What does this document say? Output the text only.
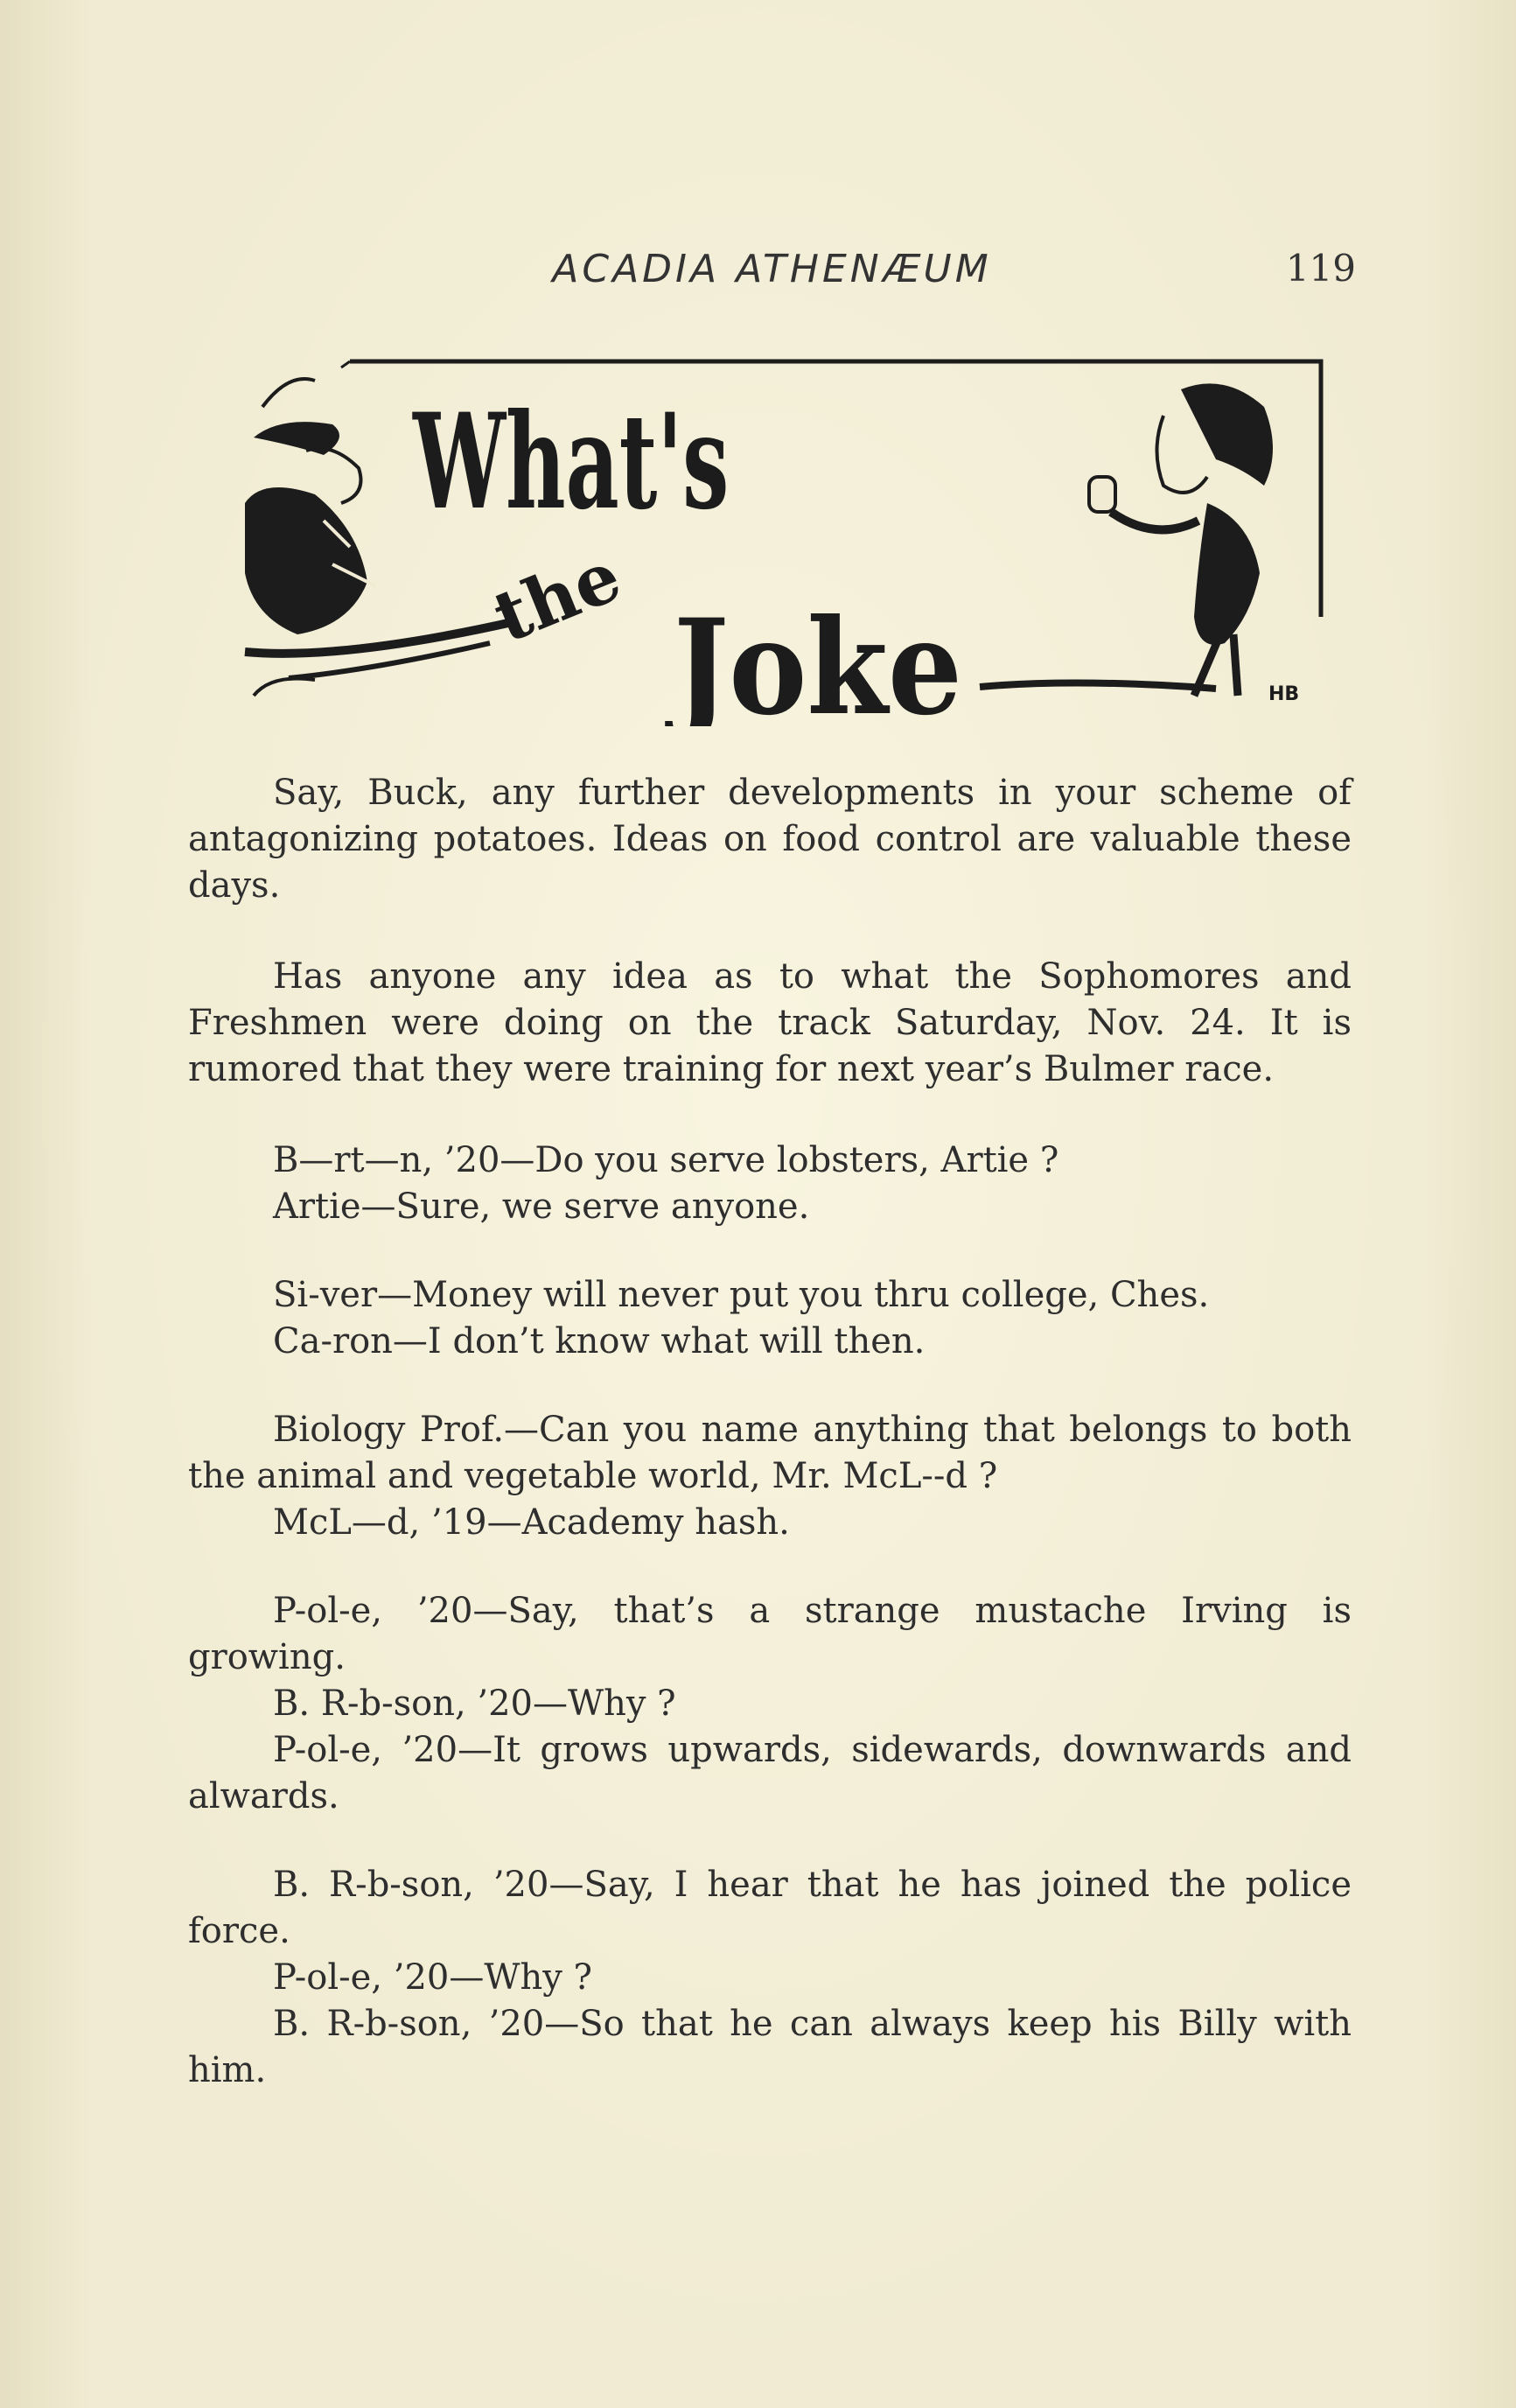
ACADIA ATHENÆUM	119
What's
the Joke	HB

Say, Buck, any further developments in your scheme of antagonizing potatoes. Ideas on food control are valuable these days.

Has anyone any idea as to what the Sophomores and Freshmen were doing on the track Saturday, Nov. 24. It is rumored that they were training for next year’s Bulmer race.

B—rt—n, ’20—Do you serve lobsters, Artie ?

Artie—Sure, we serve anyone.

Si-ver—Money will never put you thru college, Ches.

Ca-ron—I don’t know what will then.

Biology Prof.—Can you name anything that belongs to both the animal and vegetable world, Mr. McL--d ?

McL—d, ’19—Academy hash.

P-ol-e, ’20—Say, that’s a strange mustache Irving is growing.

B. R-b-son, ’20—Why ?

P-ol-e, ’20—It grows upwards, sidewards, downwards and alwards.

B. R-b-son, ’20—Say, I hear that he has joined the police force.

P-ol-e, ’20—Why ?

B. R-b-son, ’20—So that he can always keep his Billy with him.
